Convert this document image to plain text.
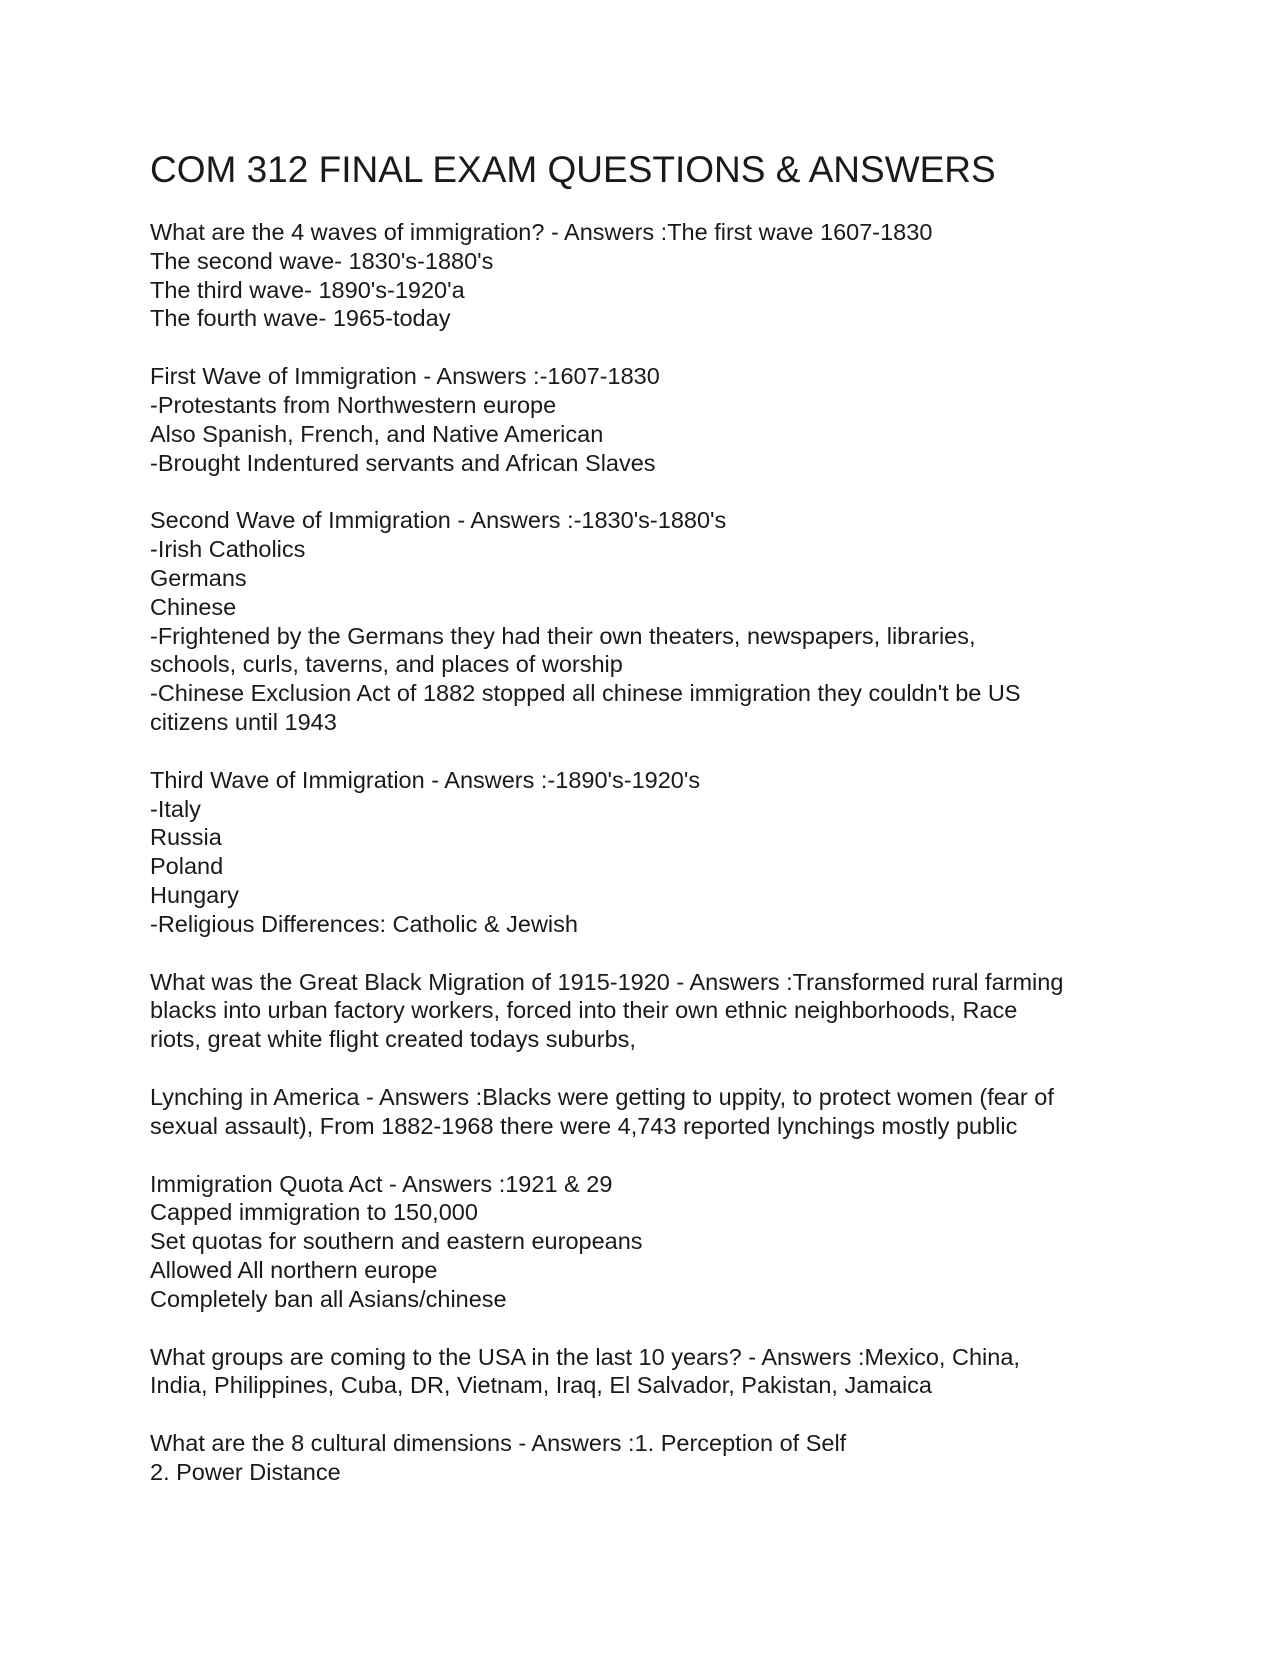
COM 312 FINAL EXAM QUESTIONS & ANSWERS
What are the 4 waves of immigration? - Answers :The first wave 1607-1830
The second wave- 1830's-1880's
The third wave- 1890's-1920'a
The fourth wave- 1965-today
First Wave of Immigration - Answers :-1607-1830
-Protestants from Northwestern europe
Also Spanish, French, and Native American
-Brought Indentured servants and African Slaves
Second Wave of Immigration - Answers :-1830's-1880's
-Irish Catholics
Germans
Chinese
-Frightened by the Germans they had their own theaters, newspapers, libraries,
schools, curls, taverns, and places of worship
-Chinese Exclusion Act of 1882 stopped all chinese immigration they couldn't be US
citizens until 1943
Third Wave of Immigration - Answers :-1890's-1920's
-Italy
Russia
Poland
Hungary
-Religious Differences: Catholic & Jewish
What was the Great Black Migration of 1915-1920 - Answers :Transformed rural farming
blacks into urban factory workers, forced into their own ethnic neighborhoods, Race
riots, great white flight created todays suburbs,
Lynching in America - Answers :Blacks were getting to uppity, to protect women (fear of
sexual assault), From 1882-1968 there were 4,743 reported lynchings mostly public
Immigration Quota Act - Answers :1921 & 29
Capped immigration to 150,000
Set quotas for southern and eastern europeans
Allowed All northern europe
Completely ban all Asians/chinese
What groups are coming to the USA in the last 10 years? - Answers :Mexico, China,
India, Philippines, Cuba, DR, Vietnam, Iraq, El Salvador, Pakistan, Jamaica
What are the 8 cultural dimensions - Answers :1. Perception of Self
2. Power Distance
